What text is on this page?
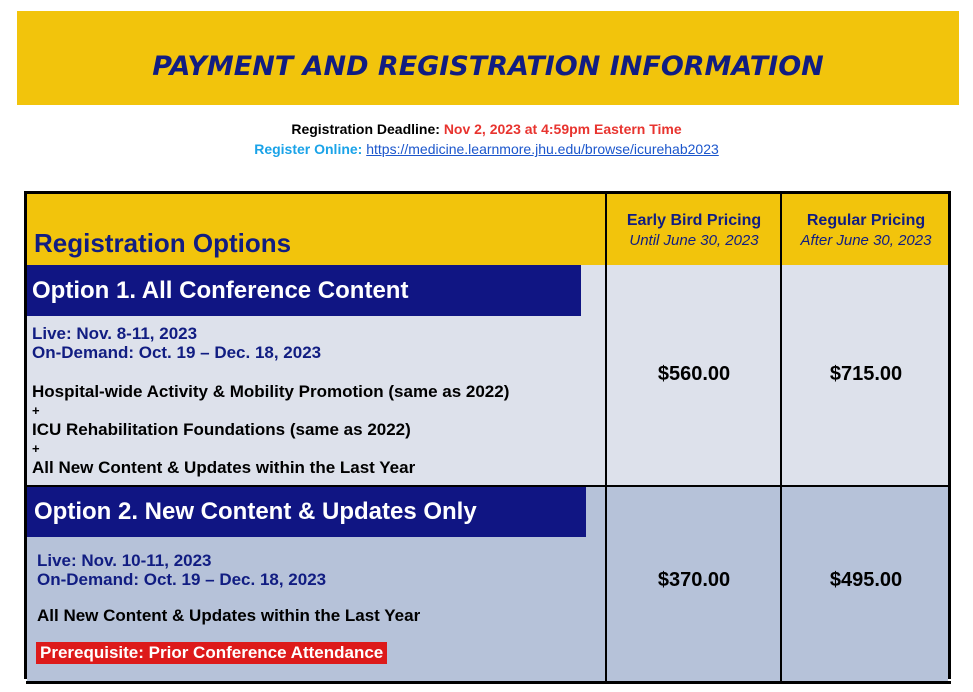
PAYMENT AND REGISTRATION INFORMATION
Registration Deadline: Nov 2, 2023 at 4:59pm Eastern Time
Register Online: https://medicine.learnmore.jhu.edu/browse/icurehab2023
Registration Options
Early Bird Pricing
Until June 30, 2023
Regular Pricing
After June 30, 2023
Option 1. All Conference Content
Live: Nov. 8-11, 2023
On-Demand: Oct. 19 – Dec. 18, 2023
Hospital-wide Activity & Mobility Promotion (same as 2022)
+
ICU Rehabilitation Foundations (same as 2022)
+
All New Content & Updates within the Last Year
$560.00	$715.00
Option 2. New Content & Updates Only
Live: Nov. 10-11, 2023
On-Demand: Oct. 19 – Dec. 18, 2023
All New Content & Updates within the Last Year
Prerequisite: Prior Conference Attendance
$370.00	$495.00
